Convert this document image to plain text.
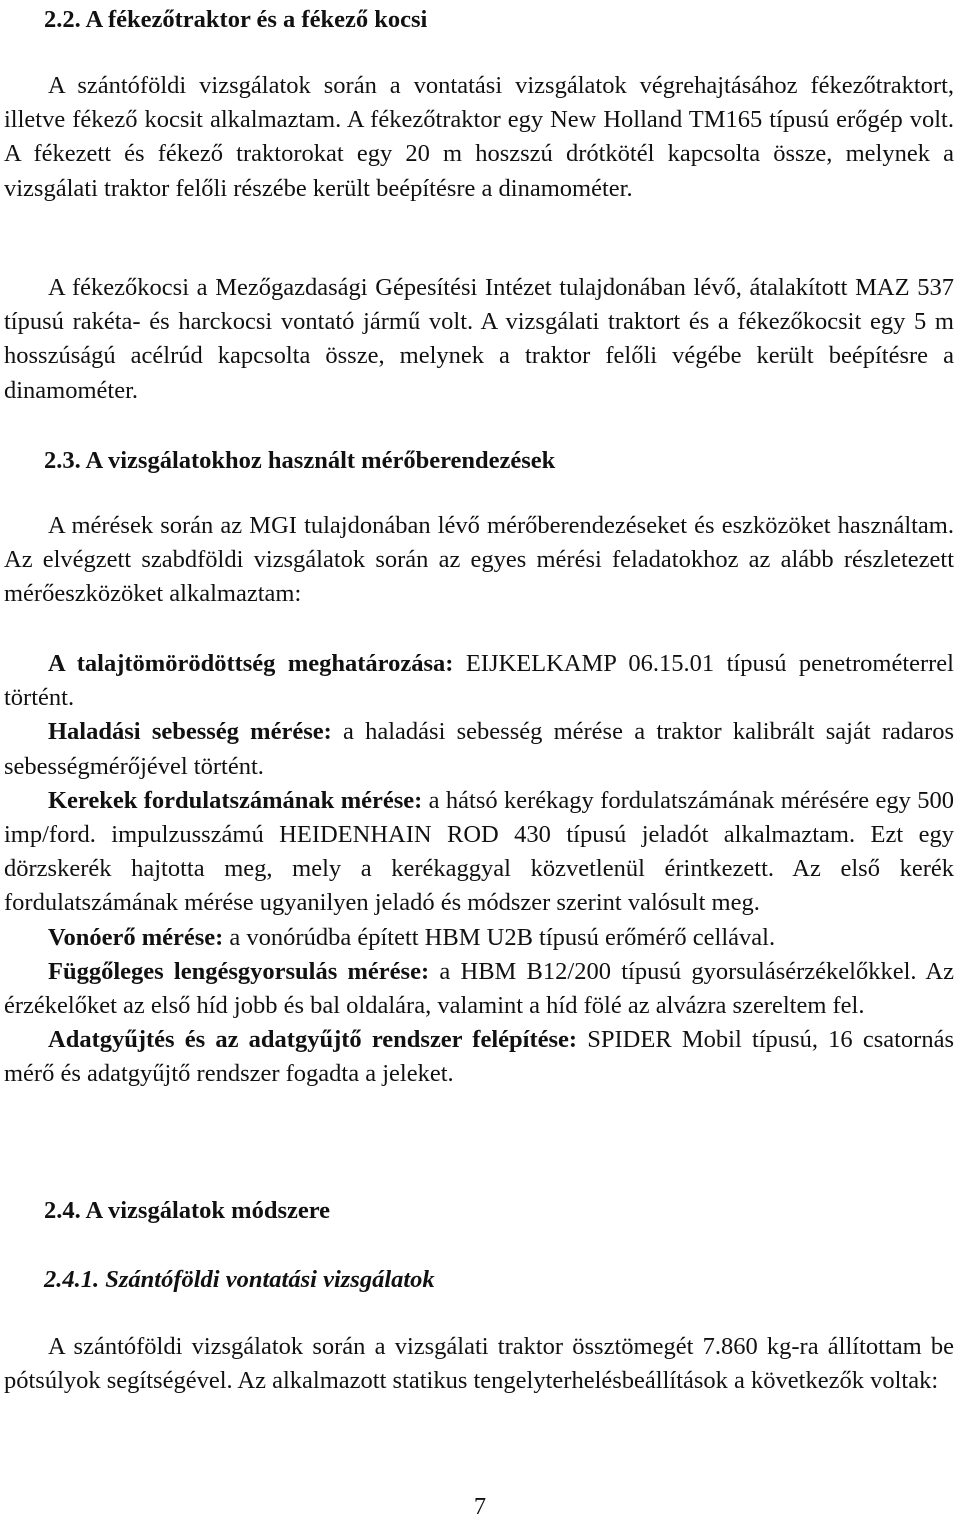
2.2. A fékezőtraktor és a fékező kocsi

A szántóföldi vizsgálatok során a vontatási vizsgálatok végrehajtásához fékezőtraktort, illetve fékező kocsit alkalmaztam. A fékezőtraktor egy New Holland TM165 típusú erőgép volt. A fékezett és fékező traktorokat egy 20 m hoszszú drótkötél kapcsolta össze, melynek a vizsgálati traktor felőli részébe került beépítésre a dinamométer.

A fékezőkocsi a Mezőgazdasági Gépesítési Intézet tulajdonában lévő, átalakított MAZ 537 típusú rakéta- és harckocsi vontató jármű volt. A vizsgálati traktort és a fékezőkocsit egy 5 m hosszúságú acélrúd kapcsolta össze, melynek a traktor felőli végébe került beépítésre a dinamométer.

2.3. A vizsgálatokhoz használt mérőberendezések

A mérések során az MGI tulajdonában lévő mérőberendezéseket és eszközöket használtam. Az elvégzett szabdföldi vizsgálatok során az egyes mérési feladatokhoz az alább részletezett mérőeszközöket alkalmaztam:

A talajtömörödöttség meghatározása: EIJKELKAMP 06.15.01 típusú penetrométerrel történt.

Haladási sebesség mérése: a haladási sebesség mérése a traktor kalibrált saját radaros sebességmérőjével történt.

Kerekek fordulatszámának mérése: a hátsó kerékagy fordulatszámának mérésére egy 500 imp/ford. impulzusszámú HEIDENHAIN ROD 430 típusú jeladót alkalmaztam. Ezt egy dörzskerék hajtotta meg, mely a kerékaggyal közvetlenül érintkezett. Az első kerék fordulatszámának mérése ugyanilyen jeladó és módszer szerint valósult meg.

Vonóerő mérése: a vonórúdba épített HBM U2B típusú erőmérő cellával.

Függőleges lengésgyorsulás mérése: a HBM B12/200 típusú gyorsulásérzékelőkkel. Az érzékelőket az első híd jobb és bal oldalára, valamint a híd fölé az alvázra szereltem fel.

Adatgyűjtés és az adatgyűjtő rendszer felépítése: SPIDER Mobil típusú, 16 csatornás mérő és adatgyűjtő rendszer fogadta a jeleket.

2.4. A vizsgálatok módszere
2.4.1. Szántóföldi vontatási vizsgálatok

A szántóföldi vizsgálatok során a vizsgálati traktor össztömegét 7.860 kg-ra állítottam be pótsúlyok segítségével. Az alkalmazott statikus tengelyterhelésbeállítások a következők voltak:

7
